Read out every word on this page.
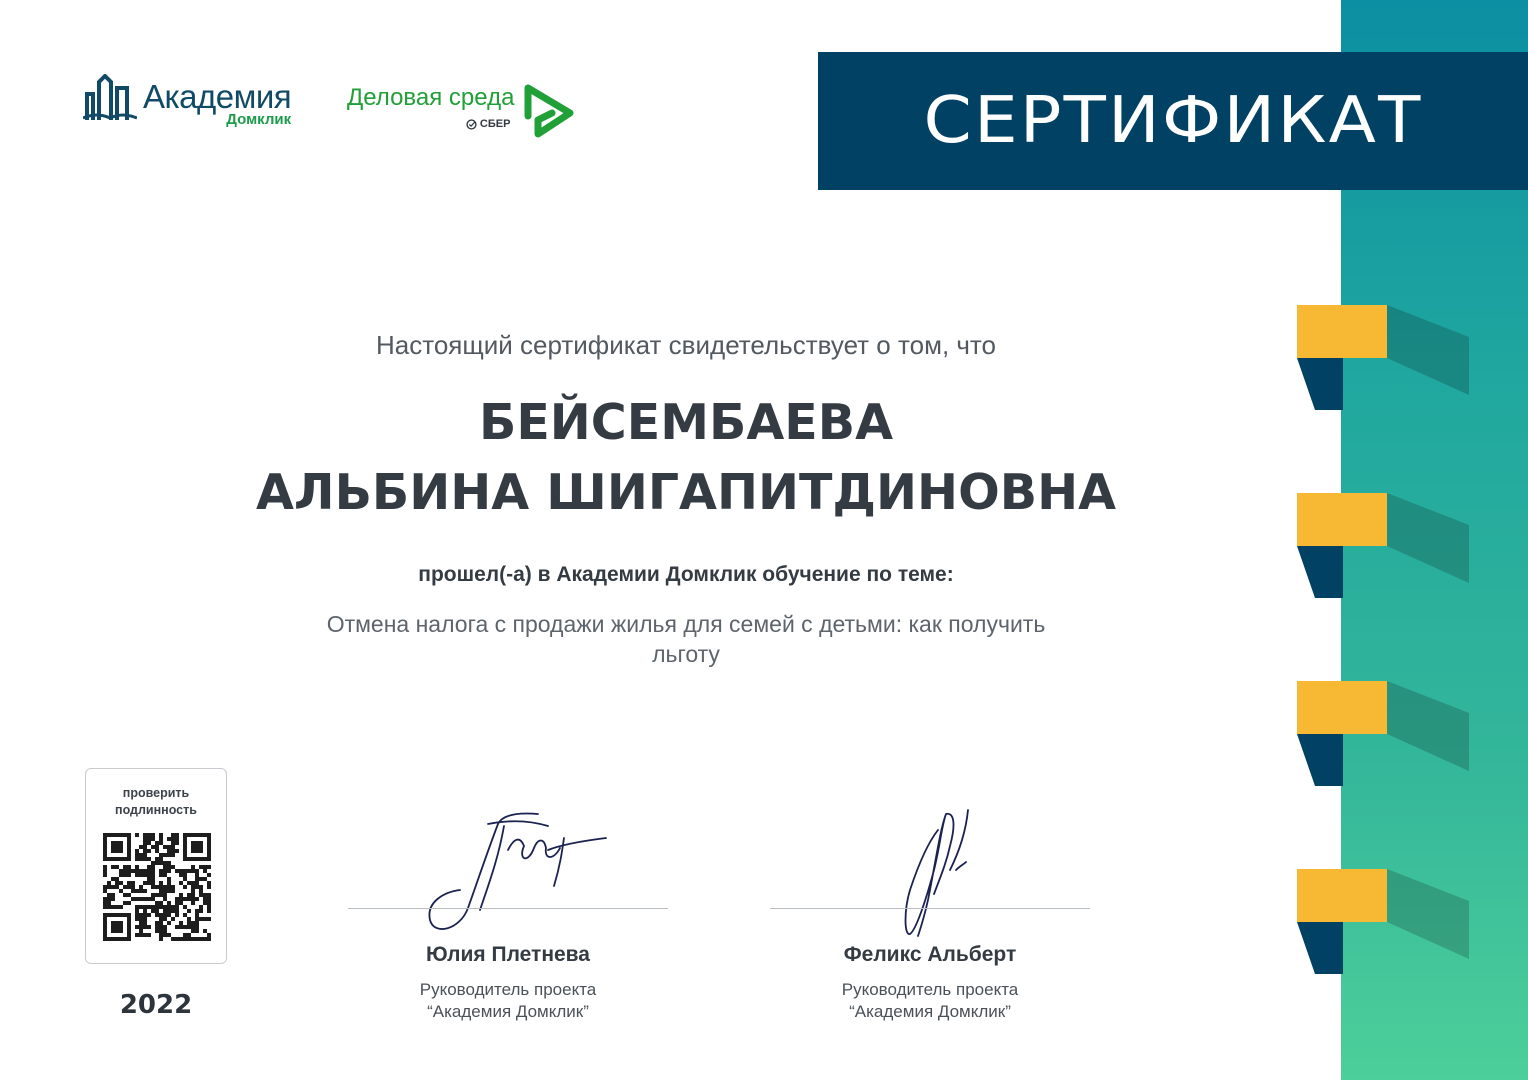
СЕРТИФИКАТ
Академия
Домклик
Деловая среда
СБЕР
Настоящий сертификат свидетельствует о том, что
БЕЙСЕМБАЕВА
АЛЬБИНА ШИГАПИТДИНОВНА
прошел(-а) в Академии Домклик обучение по теме:
Отмена налога с продажи жилья для семей с детьми: как получить
льготу
проверить
подлинность
2022
Юлия Плетнева
Руководитель проекта
“Академия Домклик”
Феликс Альберт
Руководитель проекта
“Академия Домклик”
